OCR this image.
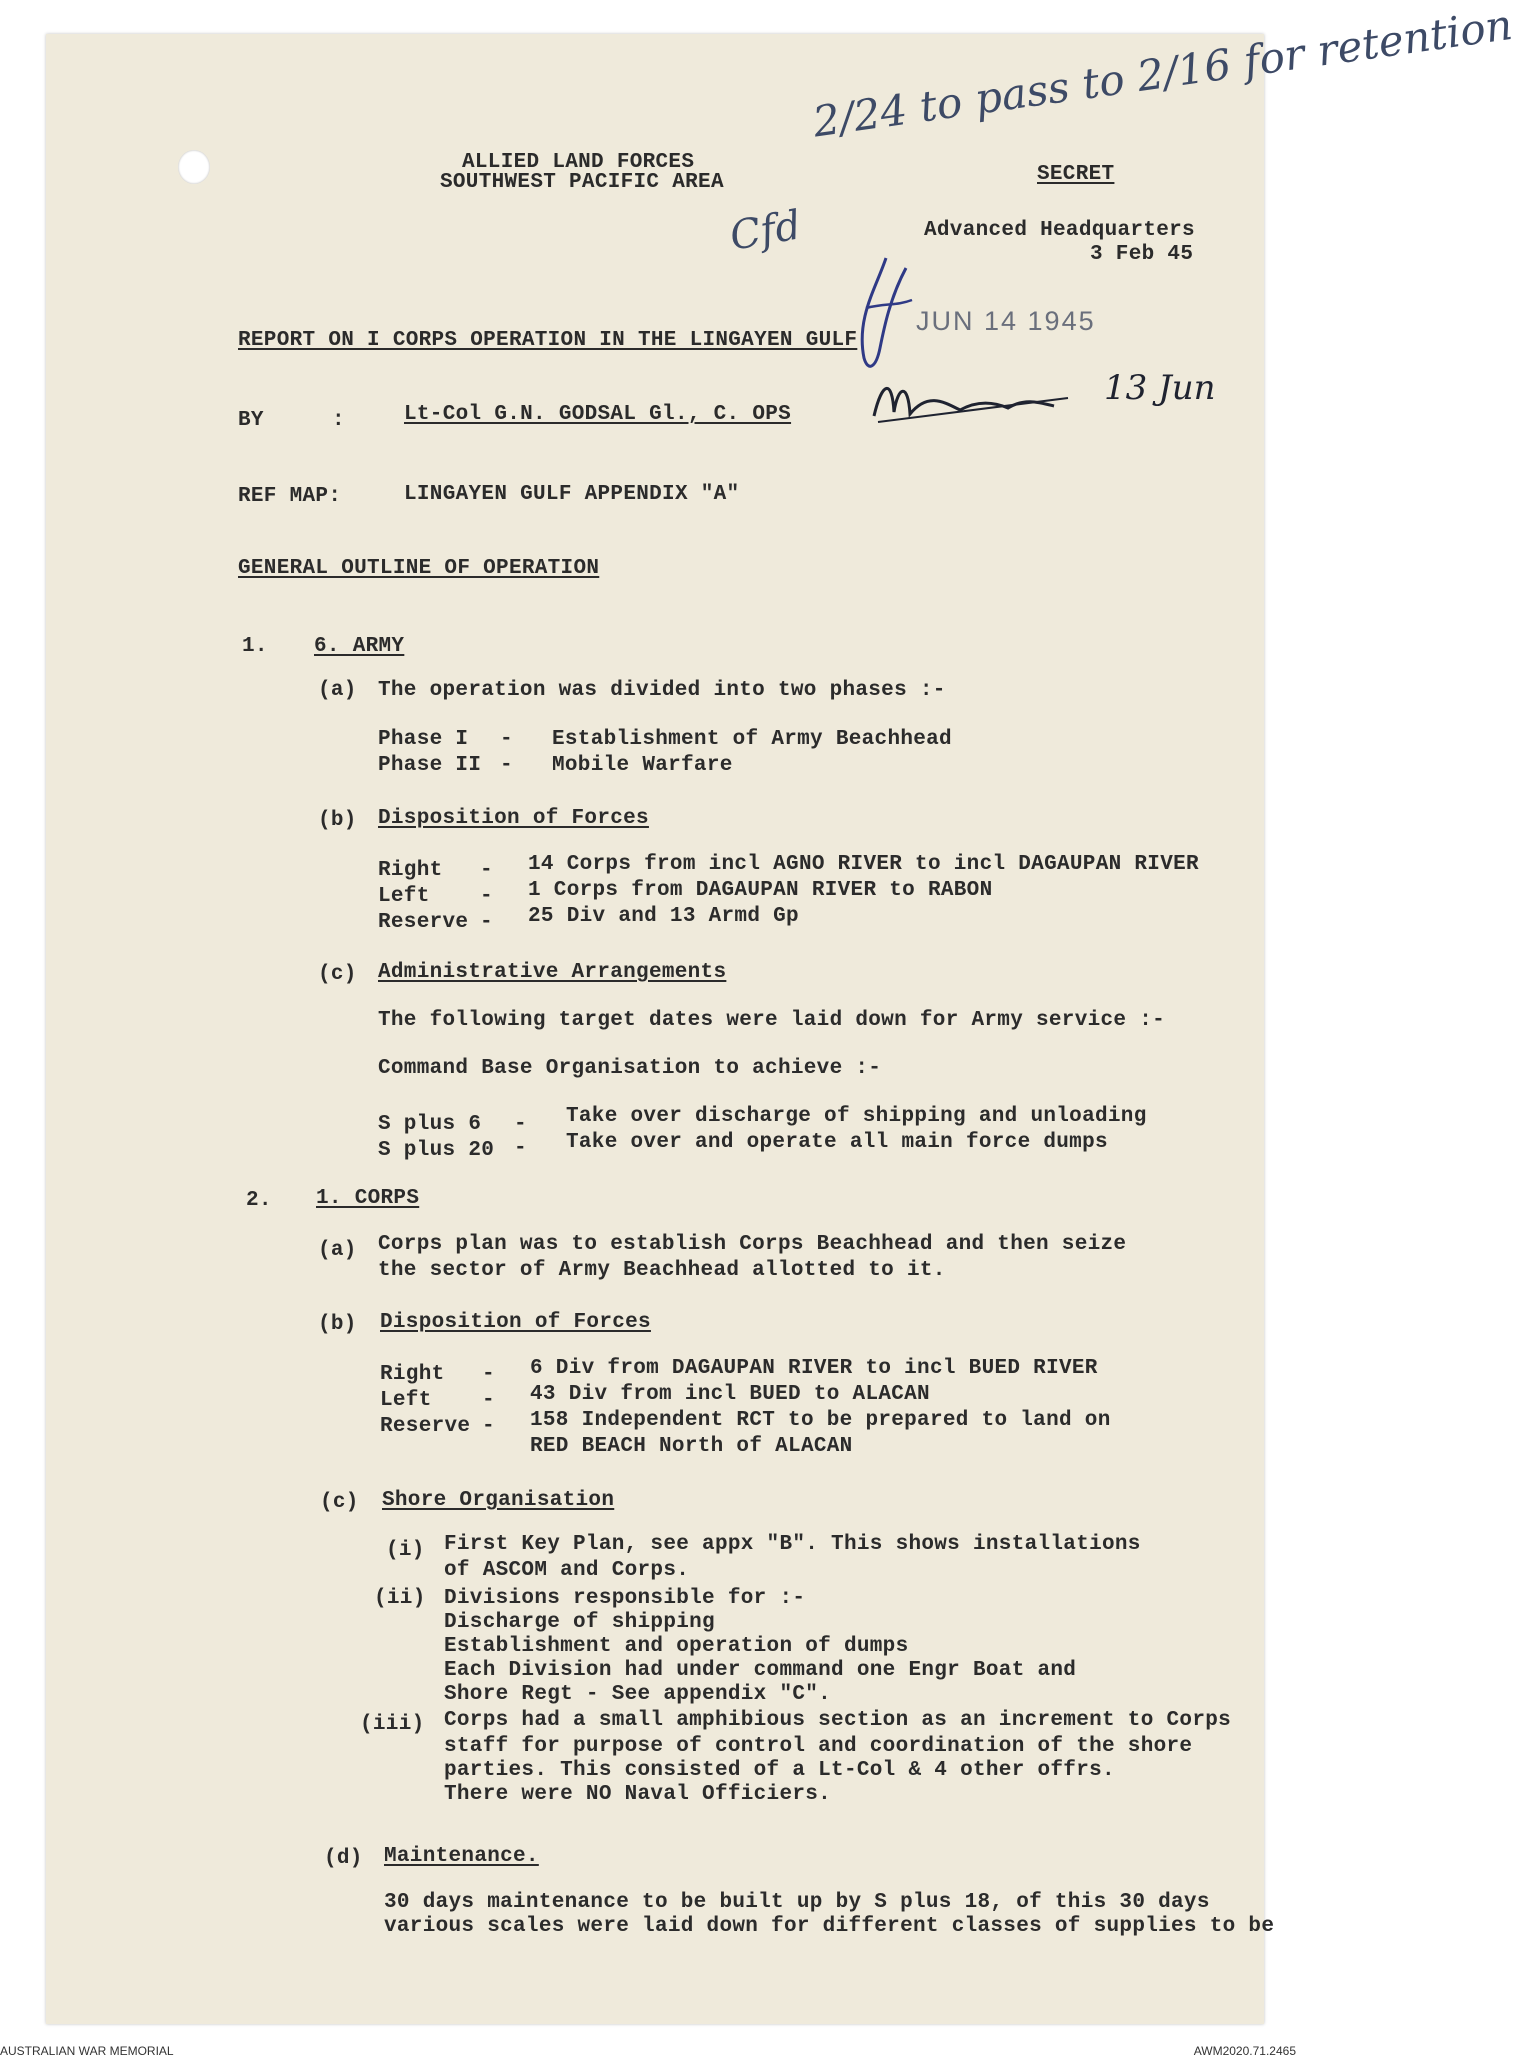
ALLIED LAND FORCES
SOUTHWEST PACIFIC AREA	SECRET
Advanced Headquarters
3 Feb 45
2/24 to pass to 2/16 for retention
Cfd
JUN 14 1945
13 Jun
REPORT ON I CORPS OPERATION IN THE LINGAYEN GULF
BY	:	Lt-Col G.N. GODSAL Gl., C. OPS
REF MAP:	LINGAYEN GULF APPENDIX "A"
GENERAL OUTLINE OF OPERATION
1. 6. ARMY
(a) The operation was divided into two phases :-
Phase I - Establishment of Army Beachhead
Phase II - Mobile Warfare
(b) Disposition of Forces
Right - 14 Corps from incl AGNO RIVER to incl DAGAUPAN RIVER
Left - 1 Corps from DAGAUPAN RIVER to RABON
Reserve - 25 Div and 13 Armd Gp
(c) Administrative Arrangements
The following target dates were laid down for Army service :-
Command Base Organisation to achieve :-
S plus 6 - Take over discharge of shipping and unloading
S plus 20 - Take over and operate all main force dumps
2. 1. CORPS
(a) Corps plan was to establish Corps Beachhead and then seize
the sector of Army Beachhead allotted to it.
(b) Disposition of Forces
Right - 6 Div from DAGAUPAN RIVER to incl BUED RIVER
Left - 43 Div from incl BUED to ALACAN
Reserve - 158 Independent RCT to be prepared to land on
RED BEACH North of ALACAN
(c) Shore Organisation
(i) First Key Plan, see appx "B". This shows installations
of ASCOM and Corps.
(ii) Divisions responsible for :-
Discharge of shipping
Establishment and operation of dumps
Each Division had under command one Engr Boat and
Shore Regt - See appendix "C".
(iii) Corps had a small amphibious section as an increment to Corps
staff for purpose of control and coordination of the shore
parties. This consisted of a Lt-Col & 4 other offrs.
There were NO Naval Officiers.
(d) Maintenance.
30 days maintenance to be built up by S plus 18, of this 30 days
various scales were laid down for different classes of supplies to be
AUSTRALIAN WAR MEMORIAL	AWM2020.71.2465
